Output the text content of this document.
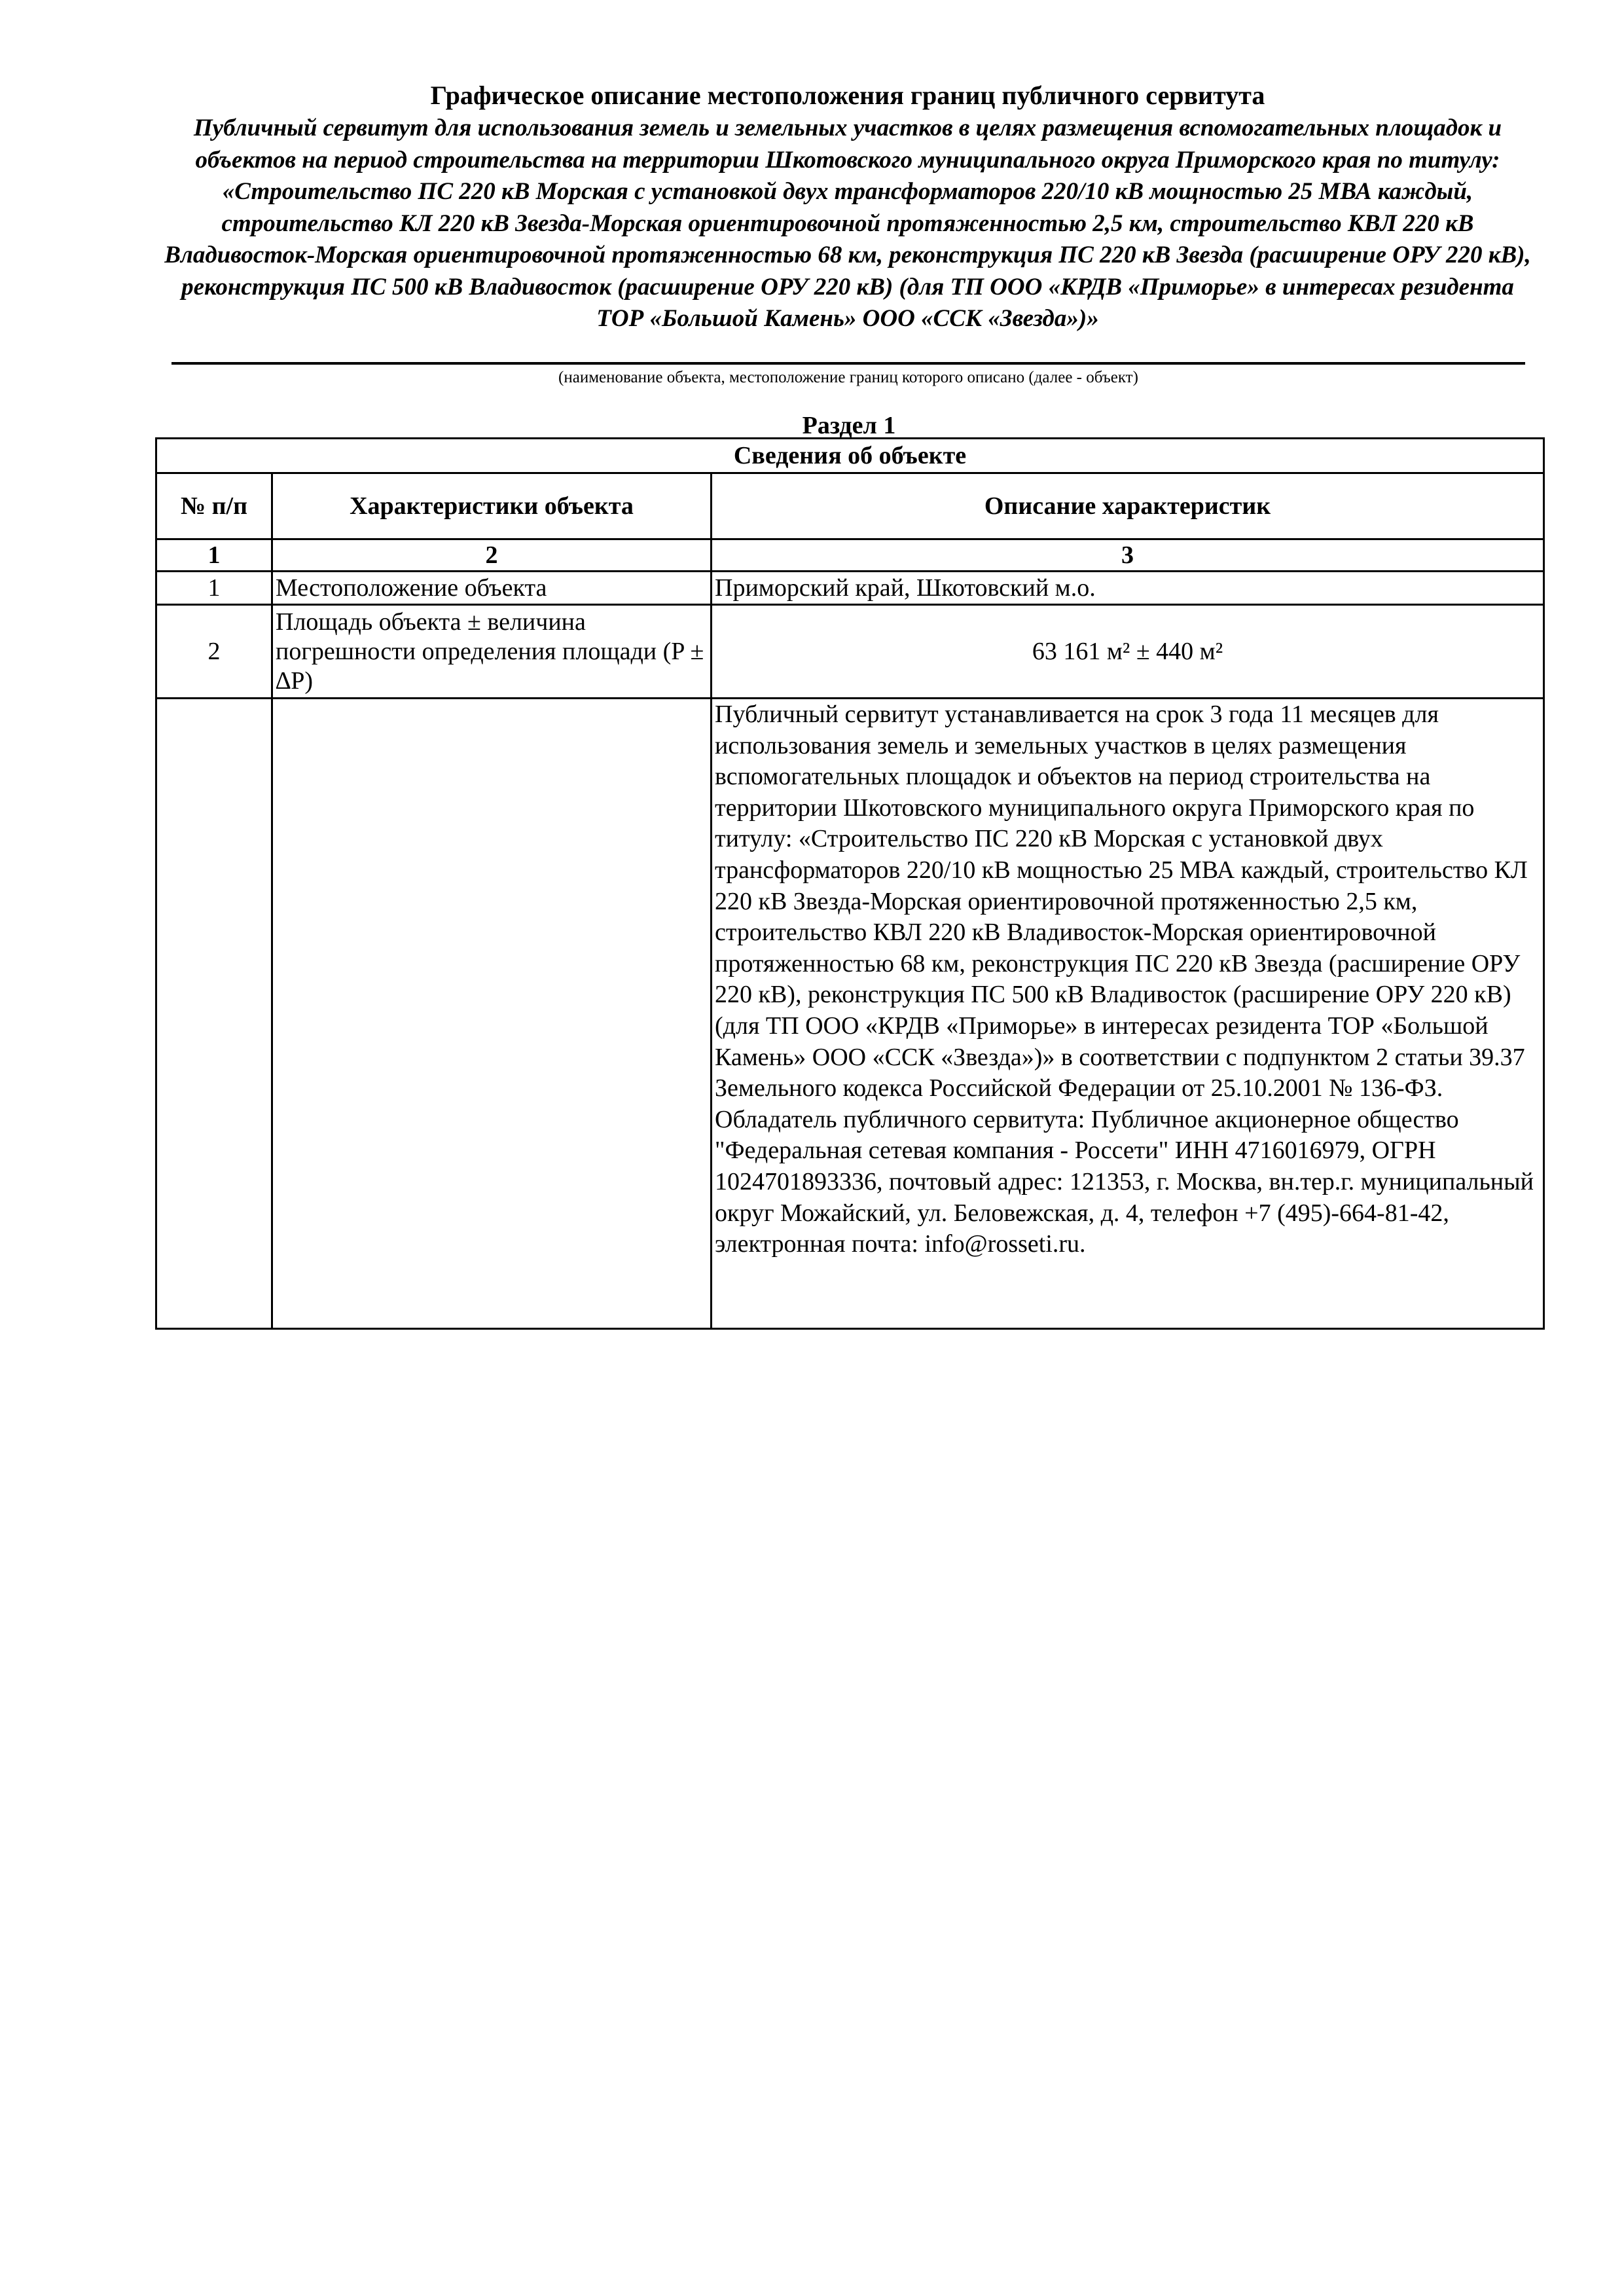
Графическое описание местоположения границ публичного сервитута

Публичный сервитут для использования земель и земельных участков в целях размещения вспомогательных площадок и объектов на период строительства на территории Шкотовского муниципального округа Приморского края по титулу: «Строительство ПС 220 кВ Морская с установкой двух трансформаторов 220/10 кВ мощностью 25 МВА каждый, строительство КЛ 220 кВ Звезда-Морская ориентировочной протяженностью 2,5 км, строительство КВЛ 220 кВ Владивосток-Морская ориентировочной протяженностью 68 км, реконструкция ПС 220 кВ Звезда (расширение ОРУ 220 кВ), реконструкция ПС 500 кВ Владивосток (расширение ОРУ 220 кВ) (для ТП ООО «КРДВ «Приморье» в интересах резидента ТОР «Большой Камень» ООО «ССК «Звезда»)»

(наименование объекта, местоположение границ которого описано (далее - объект)

Раздел 1
Сведения об объекте		
№ п/п	Характеристики объекта	Описание характеристик
1	2	3
1	Местоположение объекта	Приморский край, Шкотовский м.о.
2	Площадь объекта ± величина погрешности определения площади (P ± ∆P)	63 161 м² ± 440 м²
		Публичный сервитут устанавливается на срок 3 года 11 месяцев для использования земель и земельных участков в целях размещения вспомогательных площадок и объектов на период строительства на территории Шкотовского муниципального округа Приморского края по титулу: «Строительство ПС 220 кВ Морская с установкой двух трансформаторов 220/10 кВ мощностью 25 МВА каждый, строительство КЛ 220 кВ Звезда-Морская ориентировочной протяженностью 2,5 км, строительство КВЛ 220 кВ Владивосток-Морская ориентировочной протяженностью 68 км, реконструкция ПС 220 кВ Звезда (расширение ОРУ 220 кВ), реконструкция ПС 500 кВ Владивосток (расширение ОРУ 220 кВ) (для ТП ООО «КРДВ «Приморье» в интересах резидента ТОР «Большой Камень» ООО «ССК «Звезда»)» в соответствии с подпунктом 2 статьи 39.37 Земельного кодекса Российской Федерации от 25.10.2001 № 136-ФЗ. Обладатель публичного сервитута: Публичное акционерное общество "Федеральная сетевая компания - Россети" ИНН 4716016979, ОГРН 1024701893336, почтовый адрес: 121353, г. Москва, вн.тер.г. муниципальный округ Можайский, ул. Беловежская, д. 4, телефон +7 (495)-664-81-42, электронная почта: info@rosseti.ru.
